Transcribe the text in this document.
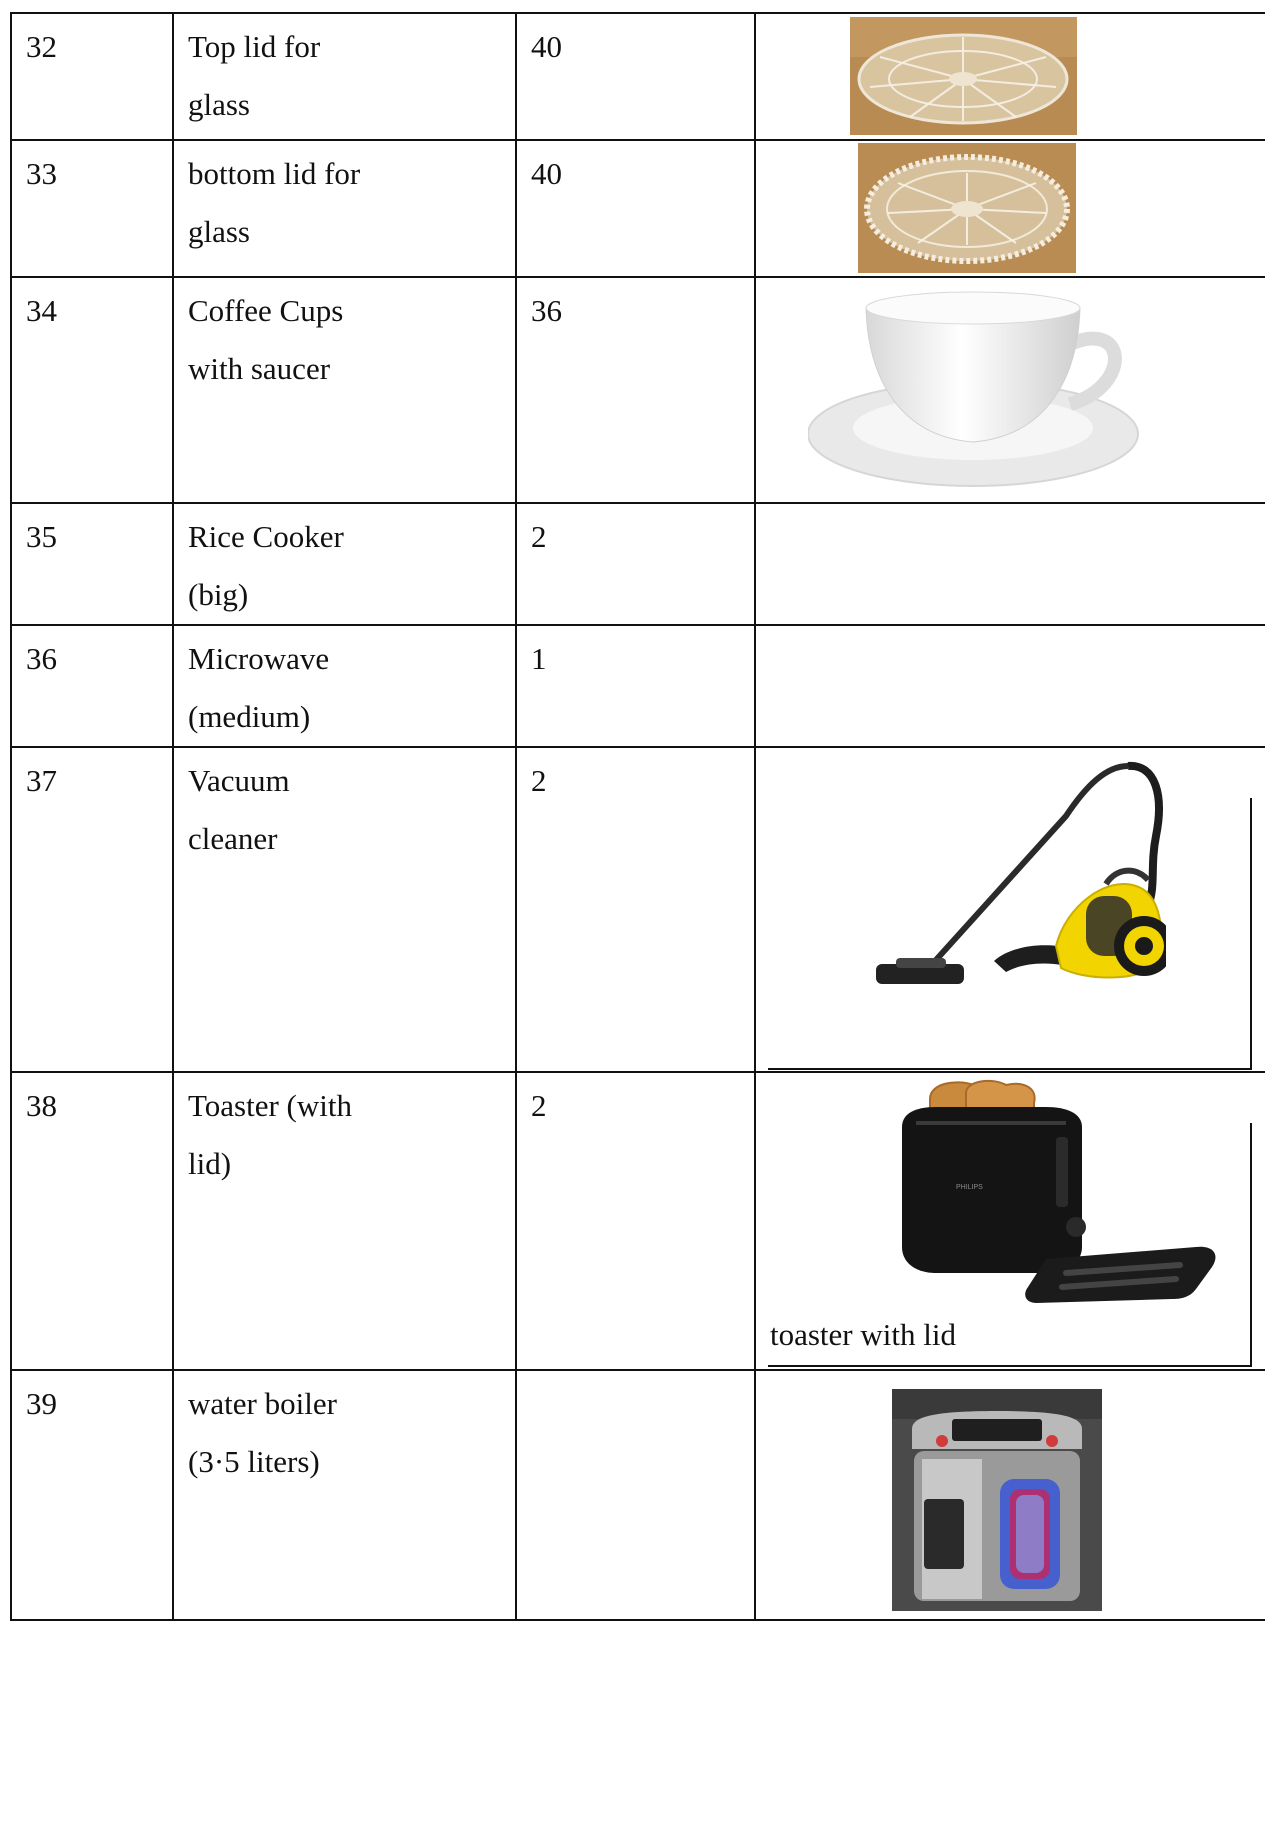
32	Top lid for
glass	40

33	bottom lid for
glass	40

34	Coffee Cups
with saucer	36

35	Rice Cooker
(big)	2	

36	Microwave
(medium)	1	

37	Vacuum
cleaner	2

38	Toaster (with
lid)	2	PHILIPS
toaster with lid

39	water boiler
(3·5 liters)
